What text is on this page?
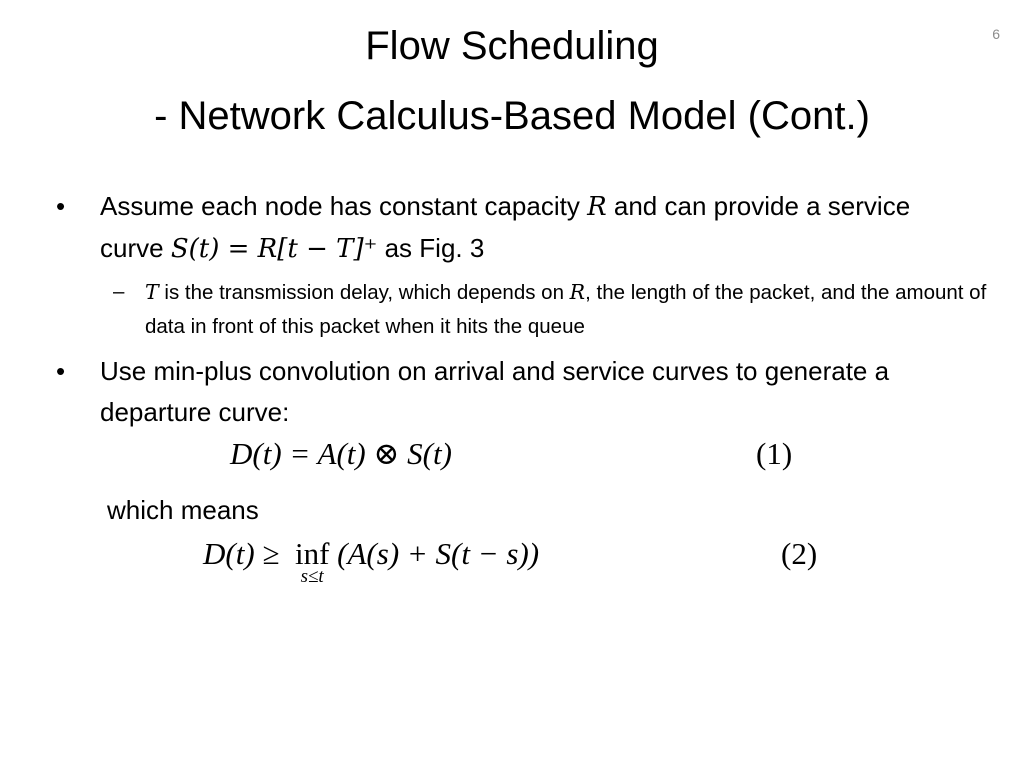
6
Flow Scheduling
- Network Calculus-Based Model (Cont.)
• Assume each node has constant capacity R and can provide a service curve S(t) = R[t − T]⁺ as Fig. 3
– T is the transmission delay, which depends on R, the length of the packet, and the amount of data in front of this packet when it hits the queue
• Use min-plus convolution on arrival and service curves to generate a departure curve:
D(t) = A(t) ⊗ S(t)	(1)
which means
D(t) ≥ inf
s≤t
(A(s) + S(t − s))	(2)
